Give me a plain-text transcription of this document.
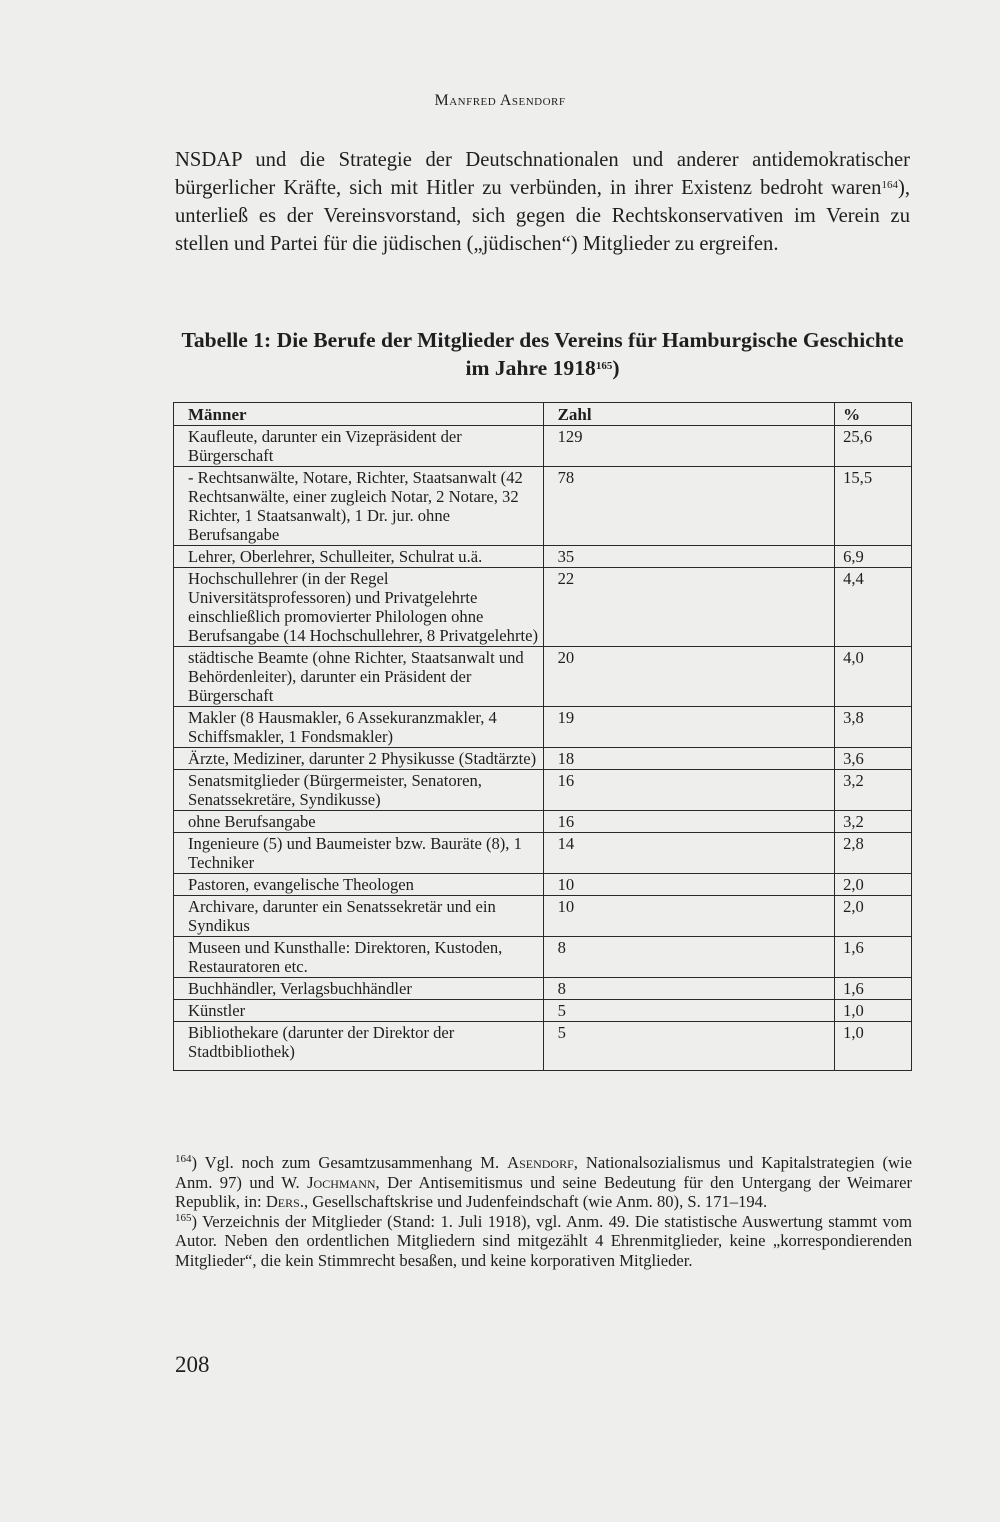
Manfred Asendorf

NSDAP und die Strategie der Deutschnationalen und anderer antidemokratischer bürgerlicher Kräfte, sich mit Hitler zu verbünden, in ihrer Existenz bedroht waren$^{164}$), unterließ es der Vereinsvorstand, sich gegen die Rechtskonservativen im Verein zu stellen und Partei für die jüdischen („jüdischen“) Mitglieder zu ergreifen.

Tabelle 1: Die Berufe der Mitglieder des Vereins für Hamburgische Geschichte im Jahre 1918$^{165}$)
Männer	Zahl	%
Kaufleute, darunter ein Vizepräsident der Bürgerschaft	129	25,6
- Rechtsanwälte, Notare, Richter, Staatsanwalt (42 Rechtsanwälte, einer zugleich Notar, 2 Notare, 32 Richter, 1 Staatsanwalt), 1 Dr. jur. ohne Berufsangabe	78	15,5
Lehrer, Oberlehrer, Schulleiter, Schulrat u.ä.	35	6,9
Hochschullehrer (in der Regel Universitätsprofessoren) und Privatgelehrte einschließlich promovierter Philologen ohne Berufsangabe (14 Hochschullehrer, 8 Privatgelehrte)	22	4,4
städtische Beamte (ohne Richter, Staatsanwalt und Behördenleiter), darunter ein Präsident der Bürgerschaft	20	4,0
Makler (8 Hausmakler, 6 Assekuranzmakler, 4 Schiffsmakler, 1 Fondsmakler)	19	3,8
Ärzte, Mediziner, darunter 2 Physikusse (Stadtärzte)	18	3,6
Senatsmitglieder (Bürgermeister, Senatoren, Senatssekretäre, Syndikusse)	16	3,2
ohne Berufsangabe	16	3,2
Ingenieure (5) und Baumeister bzw. Bauräte (8), 1 Techniker	14	2,8
Pastoren, evangelische Theologen	10	2,0
Archivare, darunter ein Senatssekretär und ein Syndikus	10	2,0
Museen und Kunsthalle: Direktoren, Kustoden, Restauratoren etc.	8	1,6
Buchhändler, Verlagsbuchhändler	8	1,6
Künstler	5	1,0
Bibliothekare (darunter der Direktor der Stadtbibliothek)	5	1,0

$^{164}$) Vgl. noch zum Gesamtzusammenhang M. Asendorf, Nationalsozialismus und Kapitalstrategien (wie Anm. 97) und W. Jochmann, Der Antisemitismus und seine Bedeutung für den Untergang der Weimarer Republik, in: Ders., Gesellschaftskrise und Judenfeindschaft (wie Anm. 80), S. 171–194.

$^{165}$) Verzeichnis der Mitglieder (Stand: 1. Juli 1918), vgl. Anm. 49. Die statistische Auswertung stammt vom Autor. Neben den ordentlichen Mitgliedern sind mitgezählt 4 Ehrenmitglieder, keine „korrespondierenden Mitglieder“, die kein Stimmrecht besaßen, und keine korporativen Mitglieder.

208
